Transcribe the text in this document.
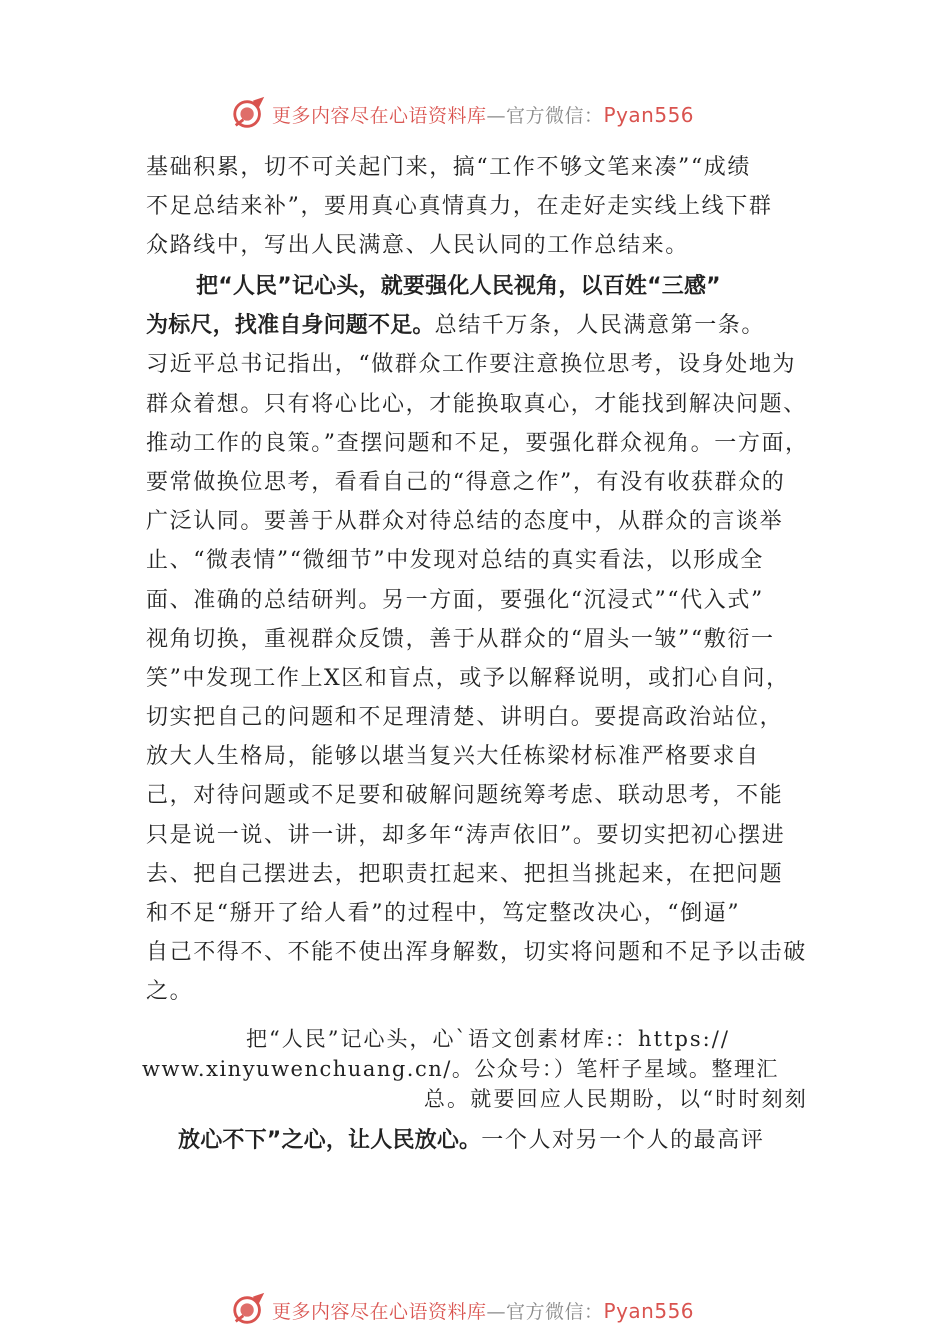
更多内容尽在心语资料库—官方微信：Pyan556
基础积累，切不可关起门来，搞“工作不够文笔来凑”“成绩
不足总结来补”，要用真心真情真力，在走好走实线上线下群
众路线中，写出人民满意、人民认同的工作总结来。
把“人民”记心头，就要强化人民视角，以百姓“三感”
为标尺，找准自身问题不足。总结千万条，人民满意第一条。
习近平总书记指出，“做群众工作要注意换位思考，设身处地为
群众着想。只有将心比心，才能换取真心，才能找到解决问题、
推动工作的良策。”查摆问题和不足，要强化群众视角。一方面，
要常做换位思考，看看自己的“得意之作”，有没有收获群众的
广泛认同。要善于从群众对待总结的态度中，从群众的言谈举
止、“微表情”“微细节”中发现对总结的真实看法，以形成全
面、准确的总结研判。另一方面，要强化“沉浸式”“代入式”
视角切换，重视群众反馈，善于从群众的“眉头一皱”“敷衍一
笑”中发现工作上X区和盲点，或予以解释说明，或扪心自问，
切实把自己的问题和不足理清楚、讲明白。要提高政治站位，
放大人生格局，能够以堪当复兴大任栋梁材标准严格要求自
己，对待问题或不足要和破解问题统筹考虑、联动思考，不能
只是说一说、讲一讲，却多年“涛声依旧”。要切实把初心摆进
去、把自己摆进去，把职责扛起来、把担当挑起来，在把问题
和不足“掰开了给人看”的过程中，笃定整改决心，“倒逼”
自己不得不、不能不使出浑身解数，切实将问题和不足予以击破
之。
把“人民”记心头，心`语文创素材库:：https://
www.xinyuwenchuang.cn/。公众号：）笔杆子星域。整理汇
总。就要回应人民期盼，以“时时刻刻
放心不下”之心，让人民放心。一个人对另一个人的最高评
更多内容尽在心语资料库—官方微信：Pyan556
